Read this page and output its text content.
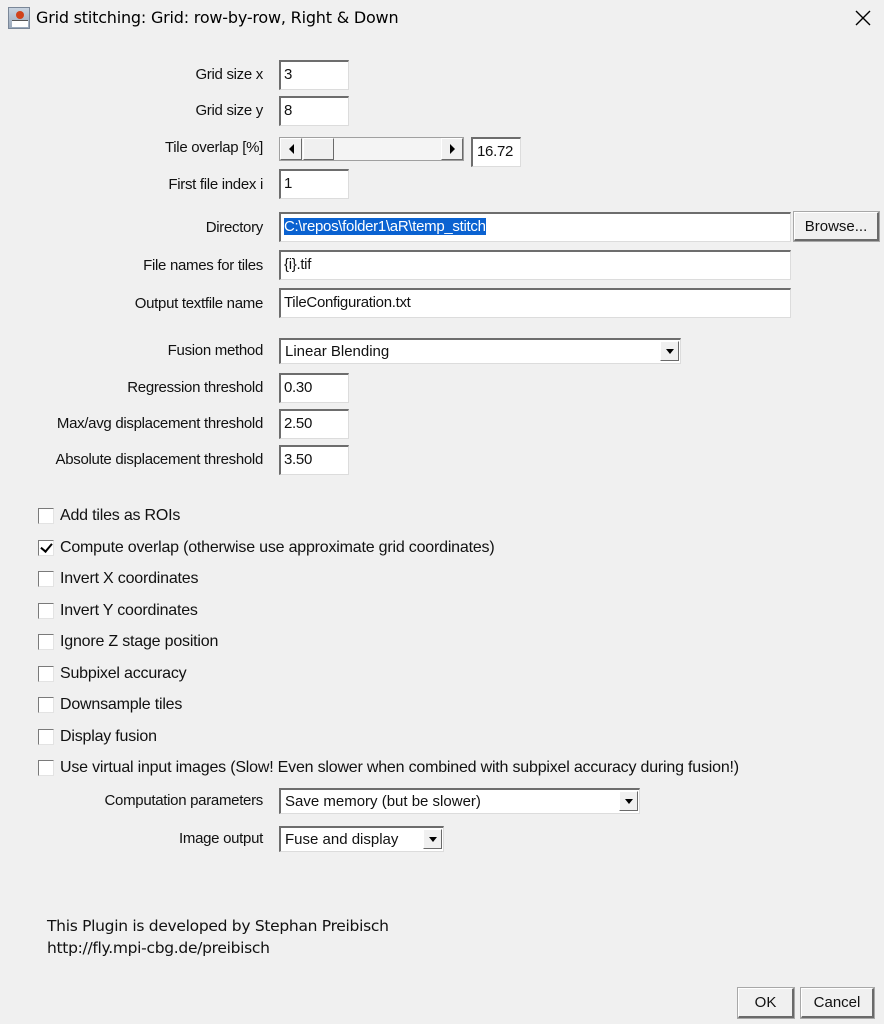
Grid stitching: Grid: row-by-row, Right & Down
Grid size x	3
Grid size y	8
Tile overlap [%]	16.72
First file index i	1
Directory	C:\repos\folder1\aR\temp_stitch	Browse...
File names for tiles	{i}.tif
Output textfile name	TileConfiguration.txt
Fusion method	Linear Blending
Regression threshold	0.30
Max/avg displacement threshold	2.50
Absolute displacement threshold	3.50
Add tiles as ROIs
Compute overlap (otherwise use approximate grid coordinates)
Invert X coordinates
Invert Y coordinates
Ignore Z stage position
Subpixel accuracy
Downsample tiles
Display fusion
Use virtual input images (Slow! Even slower when combined with subpixel accuracy during fusion!)
Computation parameters	Save memory (but be slower)
Image output	Fuse and display
This Plugin is developed by Stephan Preibisch
http://fly.mpi-cbg.de/preibisch
OK	Cancel
